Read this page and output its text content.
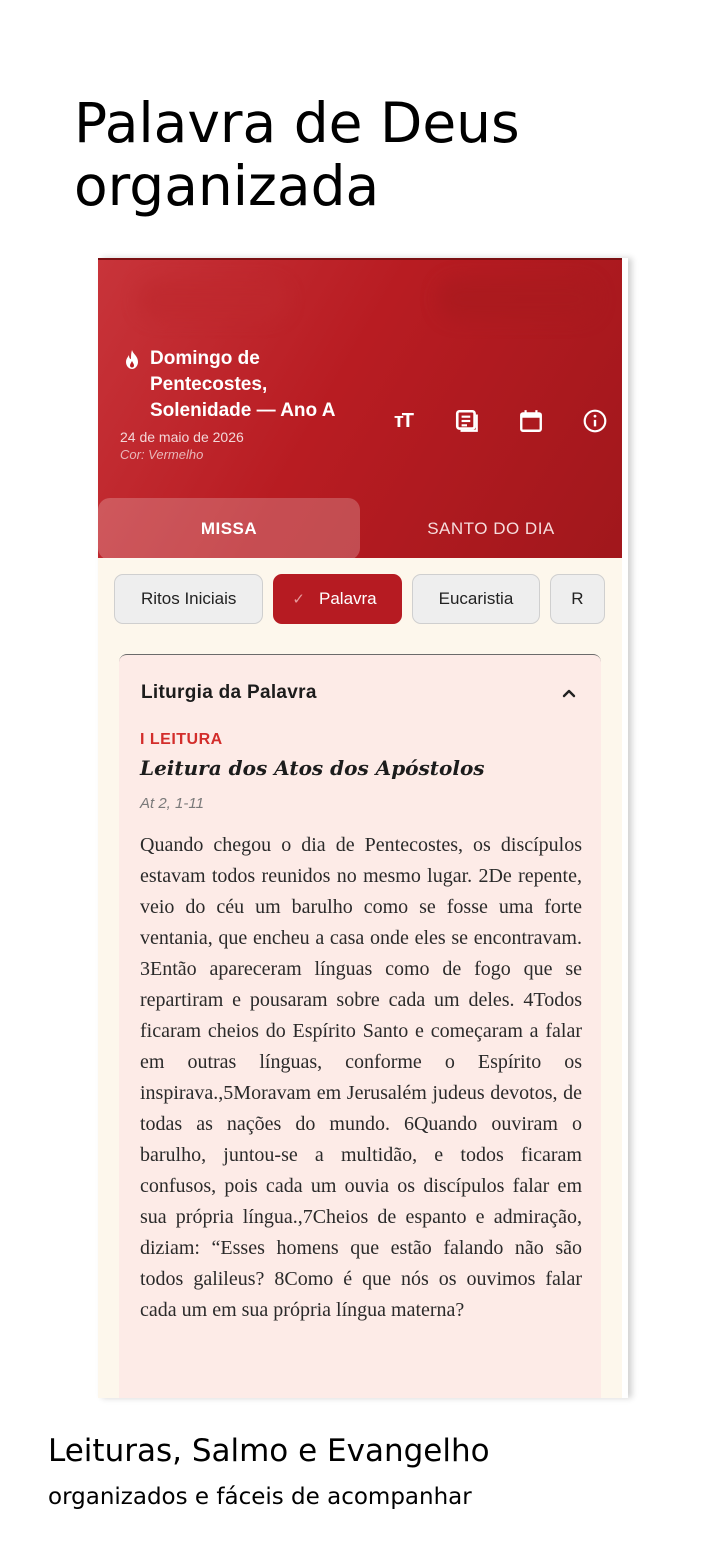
Palavra de Deus
organizada
Domingo de Pentecostes, Solenidade — Ano A
24 de maio de 2026
Cor: Vermelho
тT
MISSA	SANTO DO DIA
Ritos Iniciais	✓ Palavra	Eucaristia	R
Liturgia da Palavra
I LEITURA
Leitura dos Atos dos Apóstolos
At 2, 1-11
Quando chegou o dia de Pentecostes, os discípulos estavam todos reunidos no mesmo lugar. 2De repente, veio do céu um barulho como se fosse uma forte ventania, que encheu a casa onde eles se encontravam. 3Então apareceram línguas como de fogo que se repartiram e pousaram sobre cada um deles. 4Todos ficaram cheios do Espírito Santo e começaram a falar em outras línguas, conforme o Espírito os inspirava.,5Moravam em Jerusalém judeus devotos, de todas as nações do mundo. 6Quando ouviram o barulho, juntou-se a multidão, e todos ficaram confusos, pois cada um ouvia os discípulos falar em sua própria língua.,7Cheios de espanto e admiração, diziam: “Esses homens que estão falando não são todos galileus? 8Como é que nós os ouvimos falar cada um em sua própria língua materna?
Leituras, Salmo e Evangelho
organizados e fáceis de acompanhar
